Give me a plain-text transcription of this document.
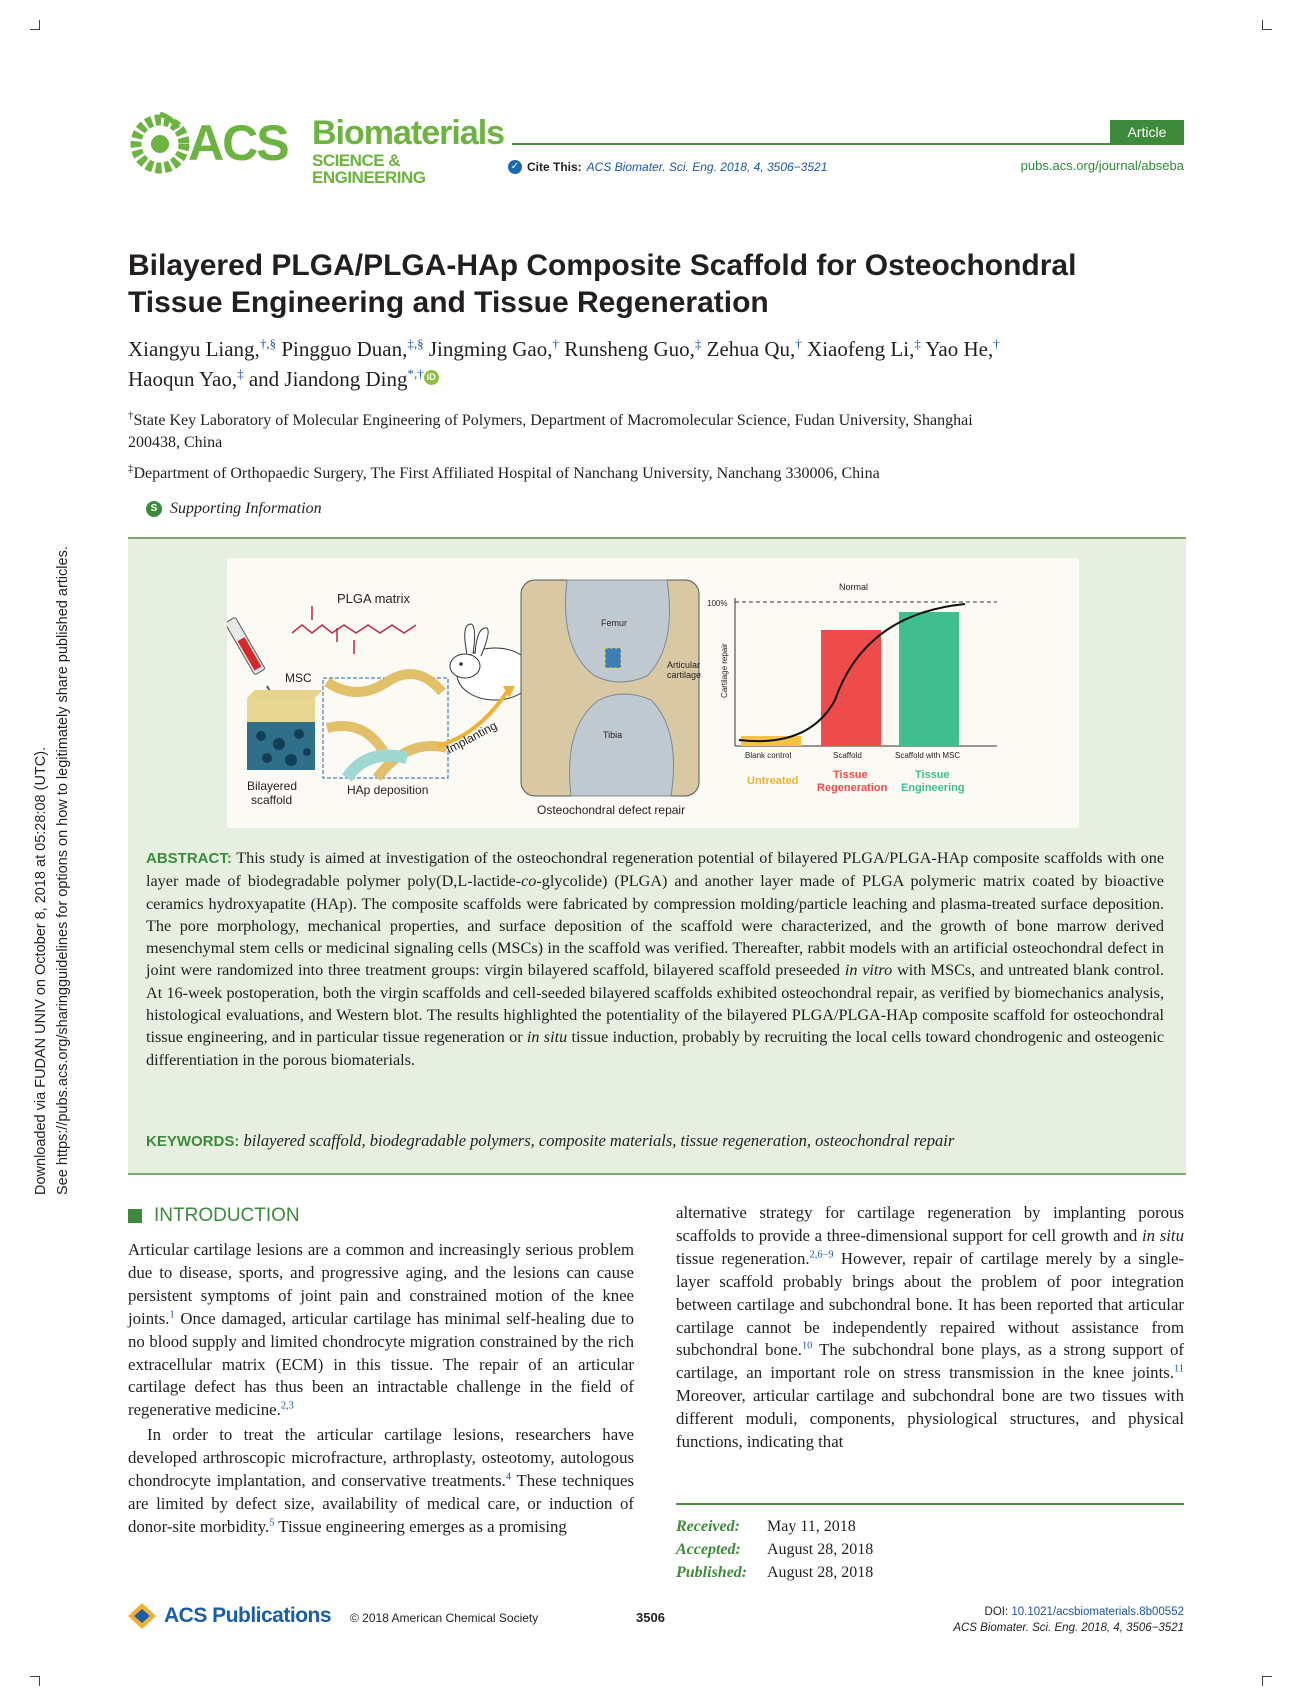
Downloaded via FUDAN UNIV on October 8, 2018 at 05:28:08 (UTC). See https://pubs.acs.org/sharingguidelines for options on how to legitimately share published articles.
ACS Biomaterials
SCIENCE & ENGINEERING
Article
✓ Cite This: ACS Biomater. Sci. Eng. 2018, 4, 3506−3521	pubs.acs.org/journal/abseba
Bilayered PLGA/PLGA-HAp Composite Scaffold for Osteochondral
Tissue Engineering and Tissue Regeneration
Xiangyu Liang,†,§ Pingguo Duan,‡,§ Jingming Gao,† Runsheng Guo,‡ Zehua Qu,† Xiaofeng Li,‡ Yao He,†
Haoqun Yao,‡ and Jiandong Ding*,† iD
†State Key Laboratory of Molecular Engineering of Polymers, Department of Macromolecular Science, Fudan University, Shanghai
200438, China
‡Department of Orthopaedic Surgery, The First Affiliated Hospital of Nanchang University, Nanchang 330006, China
S Supporting Information
PLGA matrix
MSC
Bilayered
scaffold
HAp deposition
Implanting
Femur
Tibia
Articular
cartilage
Osteochondral defect repair
Normal
100%
Cartilage repair
Blank control	Scaffold	Scaffold with MSC
Untreated	Tissue
Regeneration
Tissue
Engineering
ABSTRACT: This study is aimed at investigation of the osteochondral regeneration potential of bilayered PLGA/PLGA-HAp composite scaffolds with one layer made of biodegradable polymer poly(D,L-lactide-co-glycolide) (PLGA) and another layer made of PLGA polymeric matrix coated by bioactive ceramics hydroxyapatite (HAp). The composite scaffolds were fabricated by compression molding/particle leaching and plasma-treated surface deposition. The pore morphology, mechanical properties, and surface deposition of the scaffold were characterized, and the growth of bone marrow derived mesenchymal stem cells or medicinal signaling cells (MSCs) in the scaffold was verified. Thereafter, rabbit models with an artificial osteochondral defect in joint were randomized into three treatment groups: virgin bilayered scaffold, bilayered scaffold preseeded in vitro with MSCs, and untreated blank control. At 16-week postoperation, both the virgin scaffolds and cell-seeded bilayered scaffolds exhibited osteochondral repair, as verified by biomechanics analysis, histological evaluations, and Western blot. The results highlighted the potentiality of the bilayered PLGA/PLGA-HAp composite scaffold for osteochondral tissue engineering, and in particular tissue regeneration or in situ tissue induction, probably by recruiting the local cells toward chondrogenic and osteogenic differentiation in the porous biomaterials.
KEYWORDS: bilayered scaffold, biodegradable polymers, composite materials, tissue regeneration, osteochondral repair
INTRODUCTION

Articular cartilage lesions are a common and increasingly serious problem due to disease, sports, and progressive aging, and the lesions can cause persistent symptoms of joint pain and constrained motion of the knee joints.$^1$ Once damaged, articular cartilage has minimal self-healing due to no blood supply and limited chondrocyte migration constrained by the rich extracellular matrix (ECM) in this tissue. The repair of an articular cartilage defect has thus been an intractable challenge in the field of regenerative medicine.$^{2,3}$

In order to treat the articular cartilage lesions, researchers have developed arthroscopic microfracture, arthroplasty, osteotomy, autologous chondrocyte implantation, and conservative treatments.$^4$ These techniques are limited by defect size, availability of medical care, or induction of donor-site morbidity.$^5$ Tissue engineering emerges as a promising

alternative strategy for cartilage regeneration by implanting porous scaffolds to provide a three-dimensional support for cell growth and in situ tissue regeneration.$^{2,6-9}$ However, repair of cartilage merely by a single-layer scaffold probably brings about the problem of poor integration between cartilage and subchondral bone. It has been reported that articular cartilage cannot be independently repaired without assistance from subchondral bone.$^{10}$ The subchondral bone plays, as a strong support of cartilage, an important role on stress transmission in the knee joints.$^{11}$ Moreover, articular cartilage and subchondral bone are two tissues with different moduli, components, physiological structures, and physical functions, indicating that

Received: May 11, 2018
Accepted: August 28, 2018
Published: August 28, 2018
ACS Publications © 2018 American Chemical Society	3506	DOI: 10.1021/acsbiomaterials.8b00552
ACS Biomater. Sci. Eng. 2018, 4, 3506−3521
